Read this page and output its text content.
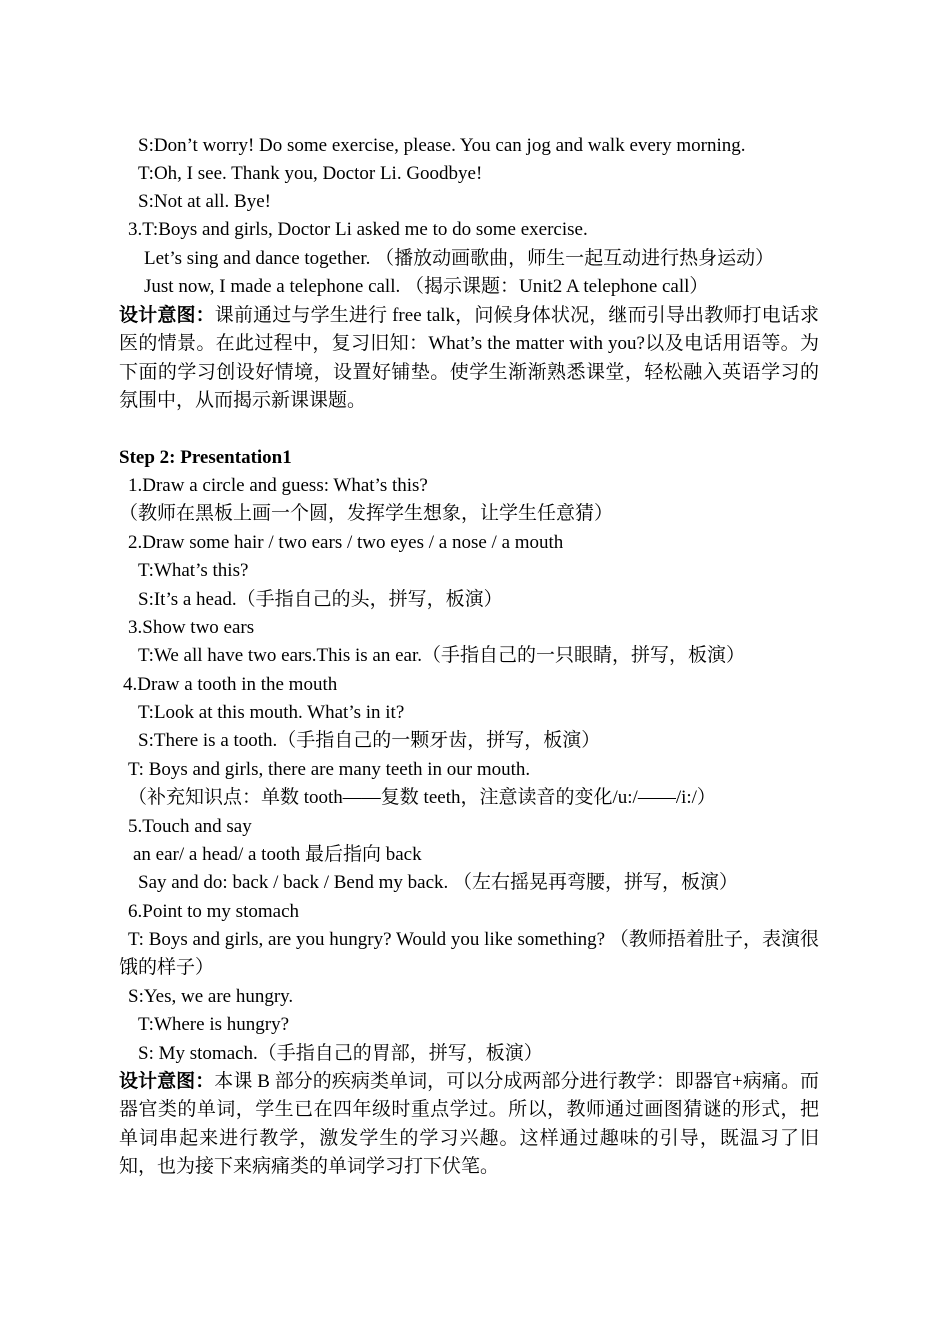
S:Don’t worry! Do some exercise, please. You can jog and walk every morning.
T:Oh, I see. Thank you, Doctor Li. Goodbye!
S:Not at all. Bye!
3.T:Boys and girls, Doctor Li asked me to do some exercise.
Let’s sing and dance together. （播放动画歌曲，师生一起互动进行热身运动）
Just now, I made a telephone call. （揭示课题：Unit2 A telephone call）
设计意图：课前通过与学生进行 free talk，问候身体状况，继而引导出教师打电话求医的情景。在此过程中，复习旧知：What’s the matter with you?以及电话用语等。为下面的学习创设好情境，设置好铺垫。使学生渐渐熟悉课堂，轻松融入英语学习的氛围中，从而揭示新课课题。
Step 2: Presentation1
1.Draw a circle and guess: What’s this?
（教师在黑板上画一个圆，发挥学生想象，让学生任意猜）
2.Draw some hair / two ears / two eyes / a nose / a mouth
T:What’s this?
S:It’s a head.（手指自己的头，拼写，板演）
3.Show two ears
T:We all have two ears.This is an ear.（手指自己的一只眼睛，拼写，板演）
4.Draw a tooth in the mouth
T:Look at this mouth. What’s in it?
S:There is a tooth.（手指自己的一颗牙齿，拼写，板演）
T: Boys and girls, there are many teeth in our mouth.
（补充知识点：单数 tooth——复数 teeth，注意读音的变化/u:/——/i:/）
5.Touch and say
an ear/ a head/ a tooth 最后指向 back
Say and do: back / back / Bend my back. （左右摇晃再弯腰，拼写，板演）
6.Point to my stomach
T: Boys and girls, are you hungry? Would you like something? （教师捂着肚子，表演很饿的样子）
S:Yes, we are hungry.
T:Where is hungry?
S: My stomach.（手指自己的胃部，拼写，板演）
设计意图：本课 B 部分的疾病类单词，可以分成两部分进行教学：即器官+病痛。而器官类的单词，学生已在四年级时重点学过。所以，教师通过画图猜谜的形式，把单词串起来进行教学，激发学生的学习兴趣。这样通过趣味的引导，既温习了旧知，也为接下来病痛类的单词学习打下伏笔。
